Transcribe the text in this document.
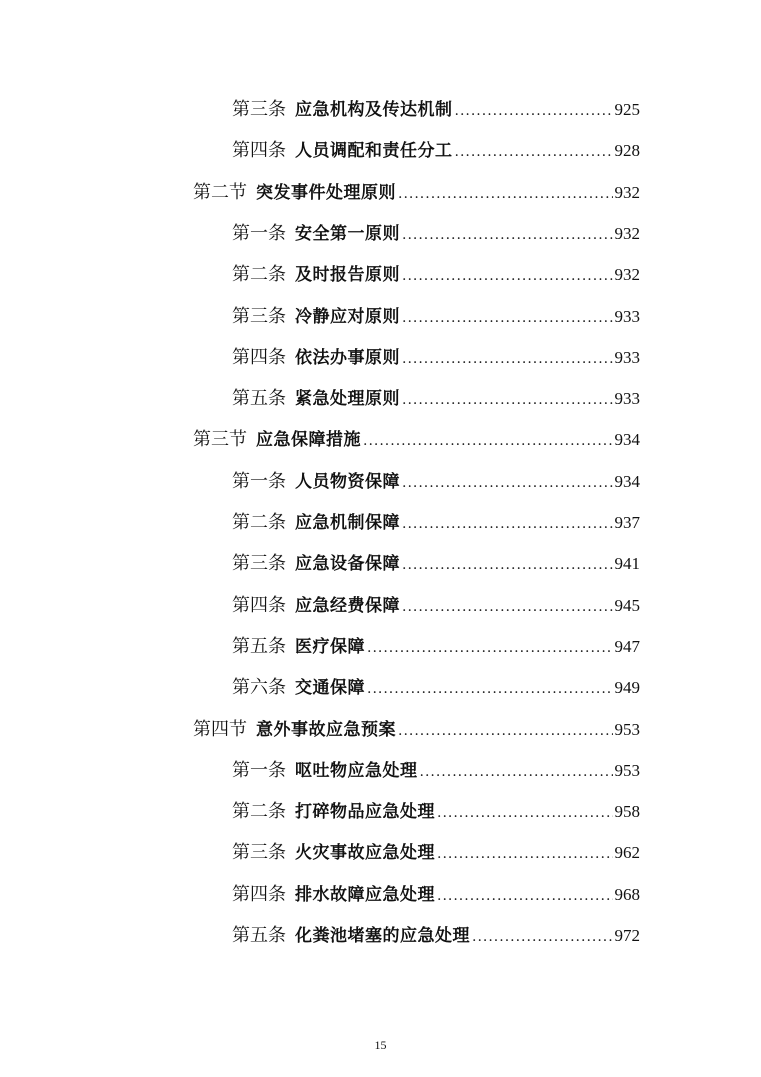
第三条 应急机构及传达机制 .....	925
第四条 人员调配和责任分工 .....	928
第二节 突发事件处理原则 .....	932
第一条 安全第一原则 .....	932
第二条 及时报告原则 .....	932
第三条 冷静应对原则 .....	933
第四条 依法办事原则 .....	933
第五条 紧急处理原则 .....	933
第三节 应急保障措施 .....	934
第一条 人员物资保障 .....	934
第二条 应急机制保障 .....	937
第三条 应急设备保障 .....	941
第四条 应急经费保障 .....	945
第五条 医疗保障 .....	947
第六条 交通保障 .....	949
第四节 意外事故应急预案 .....	953
第一条 呕吐物应急处理 .....	953
第二条 打碎物品应急处理 .....	958
第三条 火灾事故应急处理 .....	962
第四条 排水故障应急处理 .....	968
第五条 化粪池堵塞的应急处理 .....	972
15
